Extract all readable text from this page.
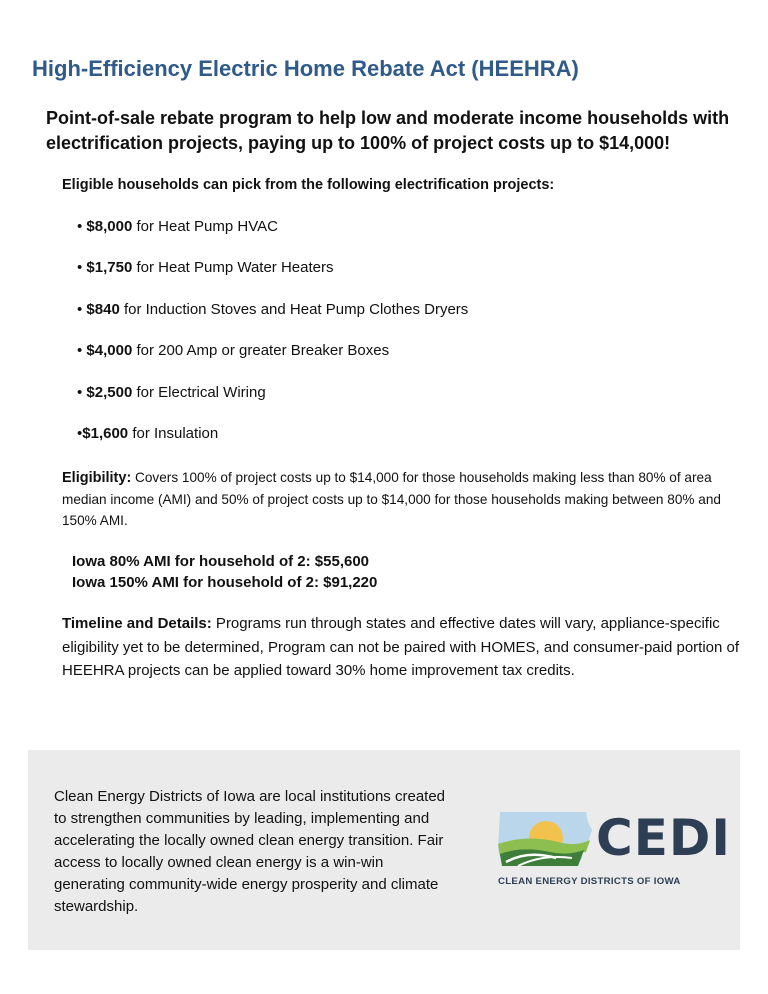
High-Efficiency Electric Home Rebate Act (HEEHRA)

Point-of-sale rebate program to help low and moderate income households with electrification projects, paying up to 100% of project costs up to $14,000!

Eligible households can pick from the following electrification projects:

• $8,000 for Heat Pump HVAC
• $1,750 for Heat Pump Water Heaters
• $840 for Induction Stoves and Heat Pump Clothes Dryers
• $4,000 for 200 Amp or greater Breaker Boxes
• $2,500 for Electrical Wiring
•$1,600 for Insulation

Eligibility: Covers 100% of project costs up to $14,000 for those households making less than 80% of area median income (AMI) and 50% of project costs up to $14,000 for those households making between 80% and 150% AMI.

Iowa 80% AMI for household of 2: $55,600
Iowa 150% AMI for household of 2: $91,220

Timeline and Details: Programs run through states and effective dates will vary, appliance-specific eligibility yet to be determined, Program can not be paired with HOMES, and consumer-paid portion of HEEHRA projects can be applied toward 30% home improvement tax credits.

Clean Energy Districts of Iowa are local institutions created to strengthen communities by leading, implementing and accelerating the locally owned clean energy transition. Fair access to locally owned clean energy is a win-win generating community-wide energy prosperity and climate stewardship.

CEDI
CLEAN ENERGY DISTRICTS OF IOWA
